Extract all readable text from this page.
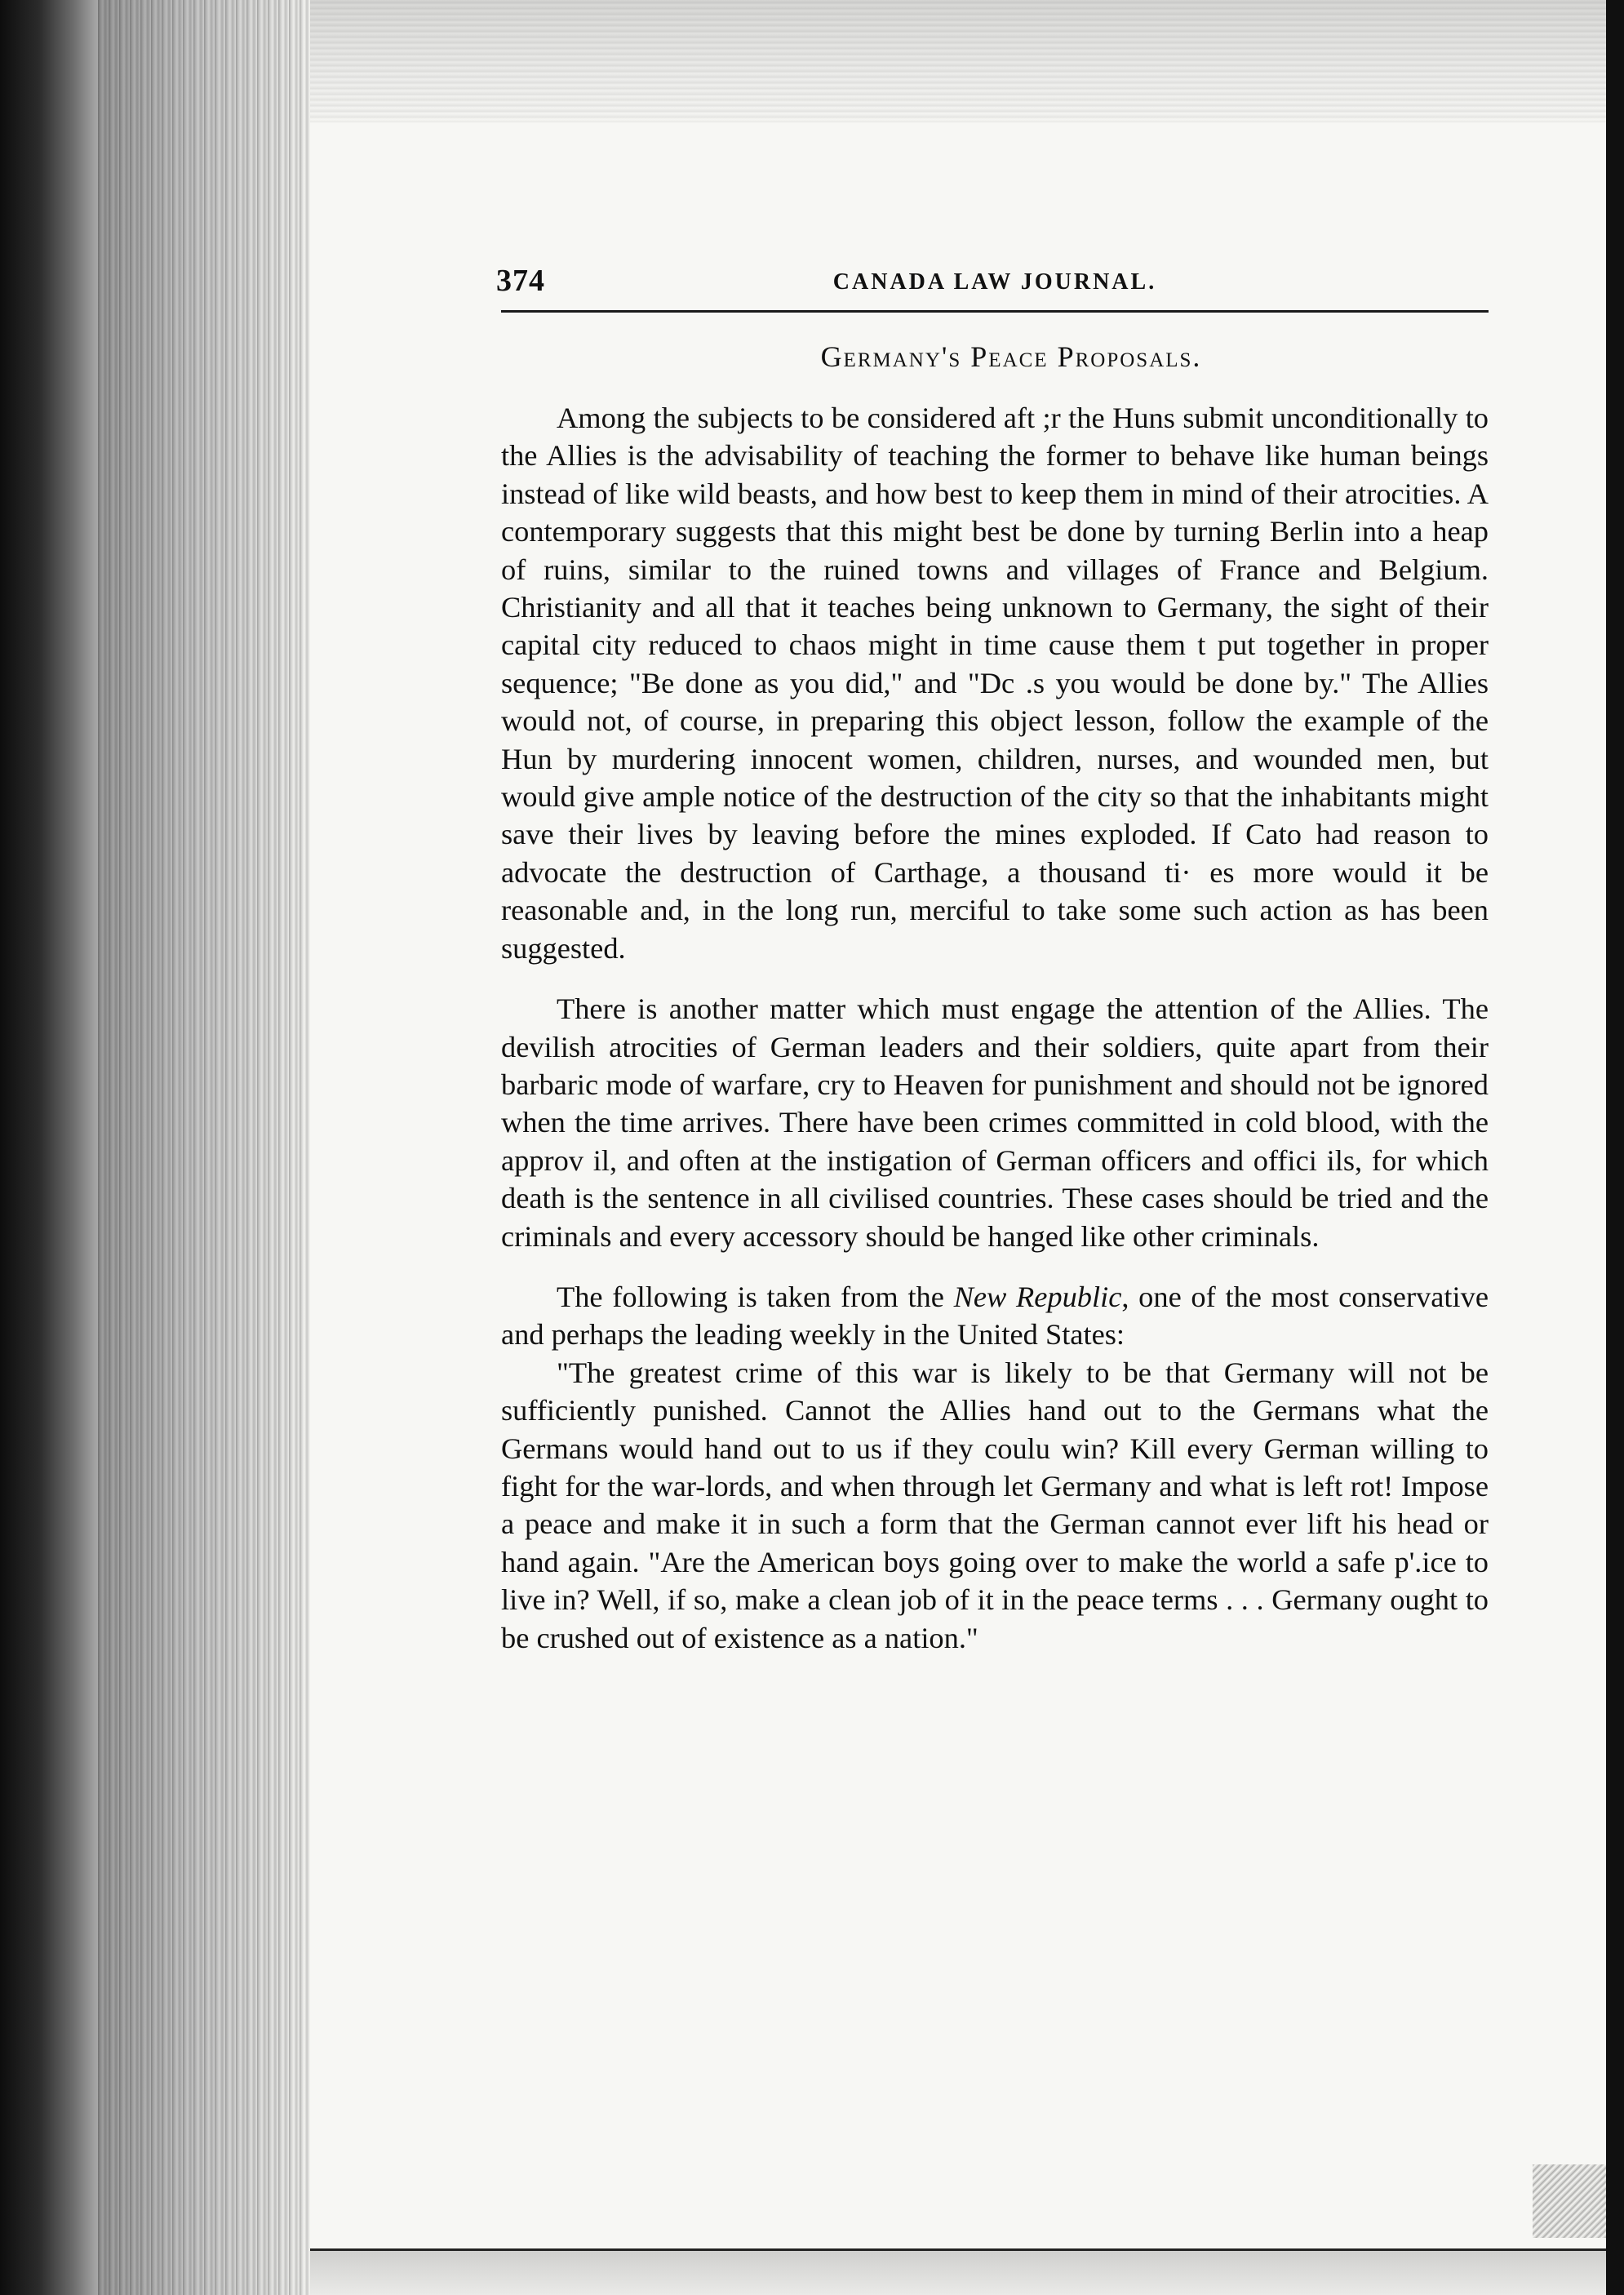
374	CANADA LAW JOURNAL.
Germany's Peace Proposals.

Among the subjects to be considered aft ;r the Huns submit unconditionally to the Allies is the advisability of teaching the former to behave like human beings instead of like wild beasts, and how best to keep them in mind of their atrocities. A contemporary suggests that this might best be done by turning Berlin into a heap of ruins, similar to the ruined towns and villages of France and Belgium. Christianity and all that it teaches being unknown to Germany, the sight of their capital city reduced to chaos might in time cause them t put together in proper sequence; "Be done as you did," and "Dc .s you would be done by." The Allies would not, of course, in preparing this object lesson, follow the example of the Hun by murdering innocent women, children, nurses, and wounded men, but would give ample notice of the destruction of the city so that the inhabitants might save their lives by leaving before the mines exploded. If Cato had reason to advocate the destruction of Carthage, a thousand ti· es more would it be reasonable and, in the long run, merciful to take some such action as has been suggested.

There is another matter which must engage the attention of the Allies. The devilish atrocities of German leaders and their soldiers, quite apart from their barbaric mode of warfare, cry to Heaven for punishment and should not be ignored when the time arrives. There have been crimes committed in cold blood, with the approv il, and often at the instigation of German officers and offici ils, for which death is the sentence in all civilised countries. These cases should be tried and the criminals and every accessory should be hanged like other criminals.

The following is taken from the New Republic, one of the most conservative and perhaps the leading weekly in the United States:

"The greatest crime of this war is likely to be that Germany will not be sufficiently punished. Cannot the Allies hand out to the Germans what the Germans would hand out to us if they coulu win? Kill every German willing to fight for the war-lords, and when through let Germany and what is left rot! Impose a peace and make it in such a form that the German cannot ever lift his head or hand again. "Are the American boys going over to make the world a safe p'.ice to live in? Well, if so, make a clean job of it in the peace terms . . . Germany ought to be crushed out of existence as a nation."
